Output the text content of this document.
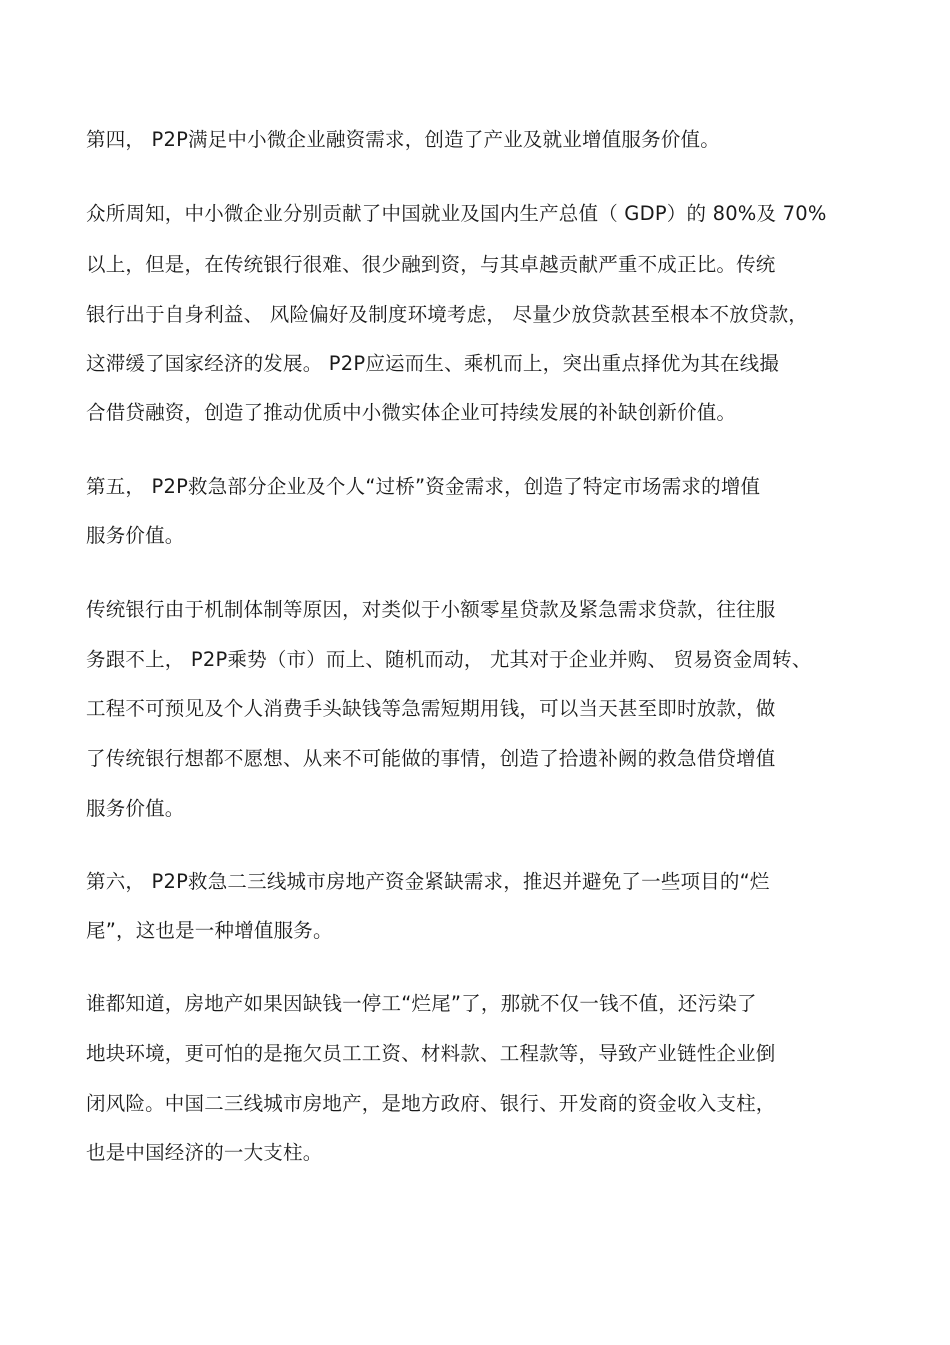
第四， P2P满足中小微企业融资需求，创造了产业及就业增值服务价值。
众所周知，中小微企业分别贡献了中国就业及国内生产总值（ GDP）的 80%及 70%
以上，但是，在传统银行很难、很少融到资，与其卓越贡献严重不成正比。传统
银行出于自身利益、 风险偏好及制度环境考虑， 尽量少放贷款甚至根本不放贷款，
这滞缓了国家经济的发展。 P2P应运而生、乘机而上，突出重点择优为其在线撮
合借贷融资，创造了推动优质中小微实体企业可持续发展的补缺创新价值。
第五， P2P救急部分企业及个人“过桥”资金需求，创造了特定市场需求的增值
服务价值。
传统银行由于机制体制等原因，对类似于小额零星贷款及紧急需求贷款，往往服
务跟不上， P2P乘势（市）而上、随机而动， 尤其对于企业并购、 贸易资金周转、
工程不可预见及个人消费手头缺钱等急需短期用钱，可以当天甚至即时放款，做
了传统银行想都不愿想、从来不可能做的事情，创造了拾遗补阙的救急借贷增值
服务价值。
第六， P2P救急二三线城市房地产资金紧缺需求，推迟并避免了一些项目的“烂
尾”，这也是一种增值服务。
谁都知道，房地产如果因缺钱一停工“烂尾”了，那就不仅一钱不值，还污染了
地块环境，更可怕的是拖欠员工工资、材料款、工程款等，导致产业链性企业倒
闭风险。中国二三线城市房地产，是地方政府、银行、开发商的资金收入支柱，
也是中国经济的一大支柱。
